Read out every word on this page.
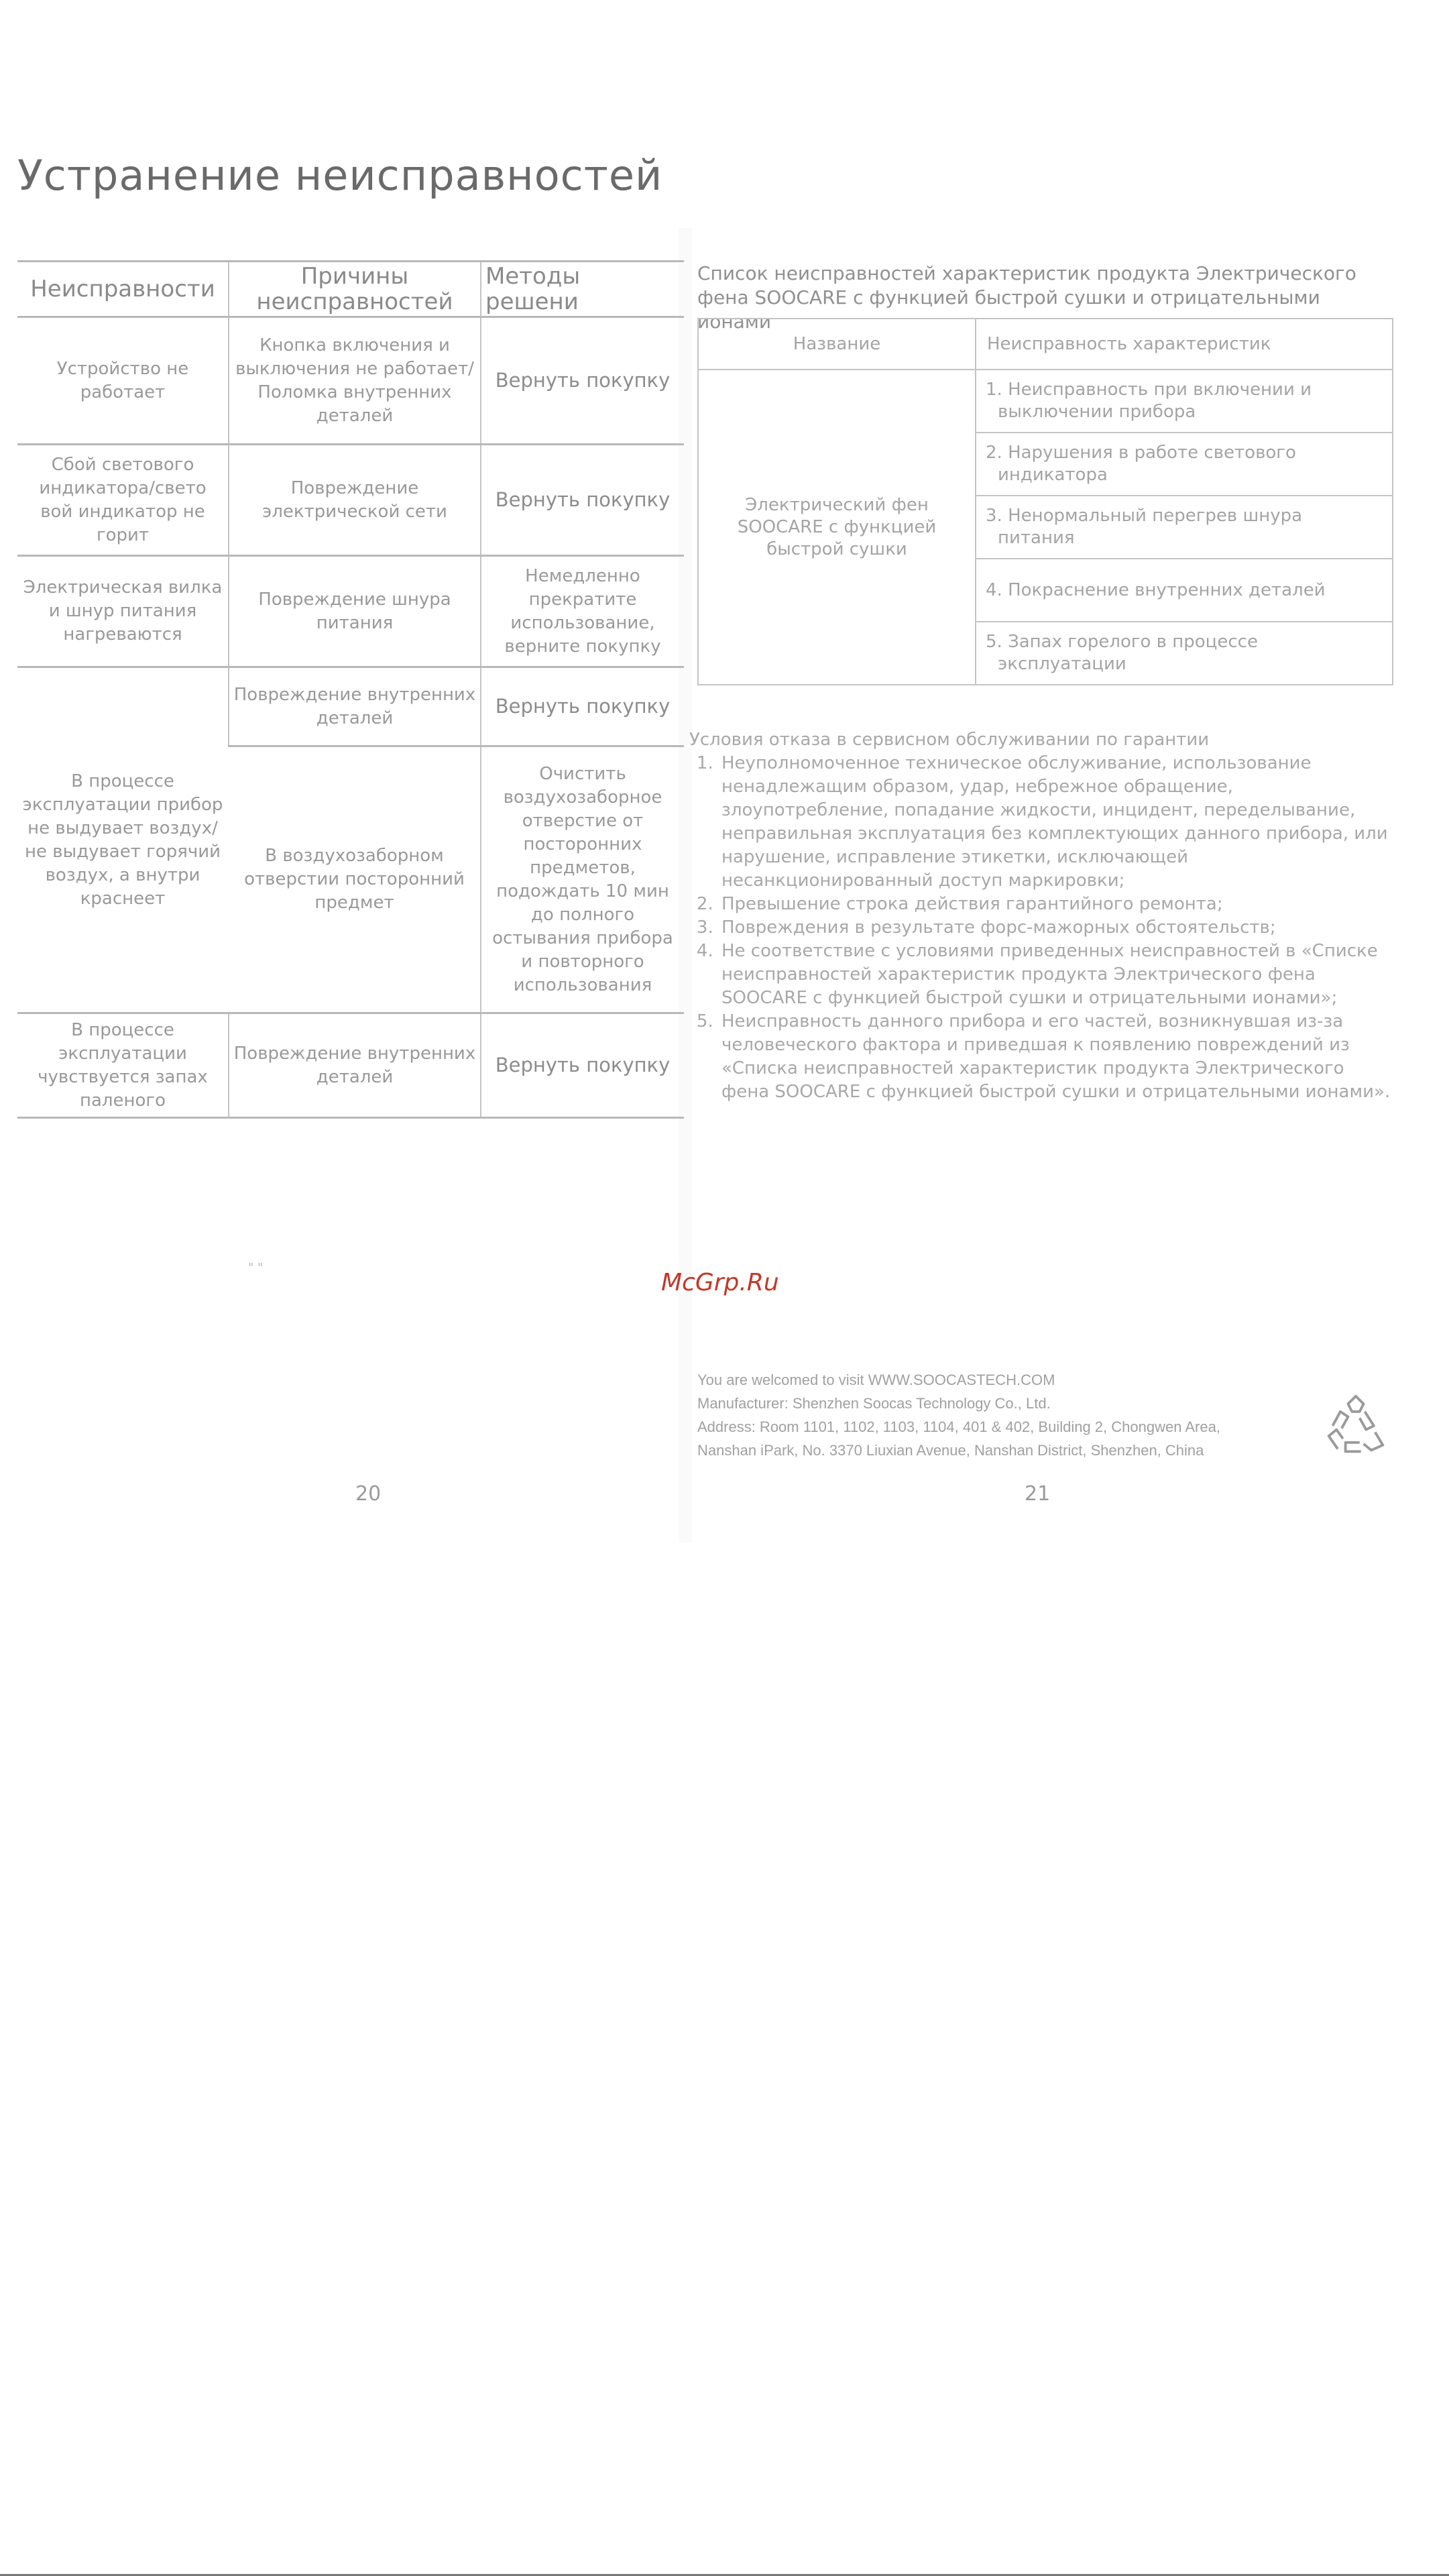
Устранение неисправностей
Неисправности	Причины неисправностей	Методы решени
Устройство не работает	Кнопка включения и выключения не работает/ Поломка внутренних деталей	Вернуть покупку
Сбой светового индикатора/свето вой индикатор не горит	Повреждение электрической сети	Вернуть покупку
Электрическая вилка и шнур питания нагреваются	Повреждение шнура питания	Немедленно прекратите использование, верните покупку
В процессе эксплуатации прибор не выдувает воздух/не выдувает горячий воздух, а внутри краснеет	Повреждение внутренних деталей	Вернуть покупку
	В воздухозаборном отверстии посторонний предмет	Очистить воздухозаборное отверстие от посторонних предметов, подождать 10 мин до полного остывания прибора и повторного использования
В процессе эксплуатации чувствуется запах паленого	Повреждение внутренних деталей	Вернуть покупку
Список неисправностей характеристик продукта Электрического фена SOOCARE с функцией быстрой сушки и отрицательными ионами
Название	Неисправность характеристик
Электрический фен SOOCARE с функцией быстрой сушки	1. Неисправность при включении и выключении прибора
	2. Нарушения в работе светового индикатора
	3. Ненормальный перегрев шнура питания
	4. Покраснение внутренних деталей
	5. Запах горелого в процессе эксплуатации
Условия отказа в сервисном обслуживании по гарантии
1. Неуполномоченное техническое обслуживание, использование ненадлежащим образом, удар, небрежное обращение, злоупотребление, попадание жидкости, инцидент, переделывание, неправильная эксплуатация без комплектующих данного прибора, или нарушение, исправление этикетки, исключающей несанкционированный доступ маркировки;
2. Превышение строка действия гарантийного ремонта;
3. Повреждения в результате форс-мажорных обстоятельств;
4. Не соответствие с условиями приведенных неисправностей в «Списке неисправностей характеристик продукта Электрического фена SOOCARE с функцией быстрой сушки и отрицательными ионами»;
5. Неисправность данного прибора и его частей, возникнувшая из-за человеческого фактора и приведшая к появлению повреждений из «Списка неисправностей характеристик продукта Электрического фена SOOCARE с функцией быстрой сушки и отрицательными ионами».
" "
McGrp.Ru
You are welcomed to visit WWW.SOOCASTECH.COM
Manufacturer: Shenzhen Soocas Technology Co., Ltd.
Address: Room 1101, 1102, 1103, 1104, 401 & 402, Building 2, Chongwen Area,
Nanshan iPark, No. 3370 Liuxian Avenue, Nanshan District, Shenzhen, China
20	21
